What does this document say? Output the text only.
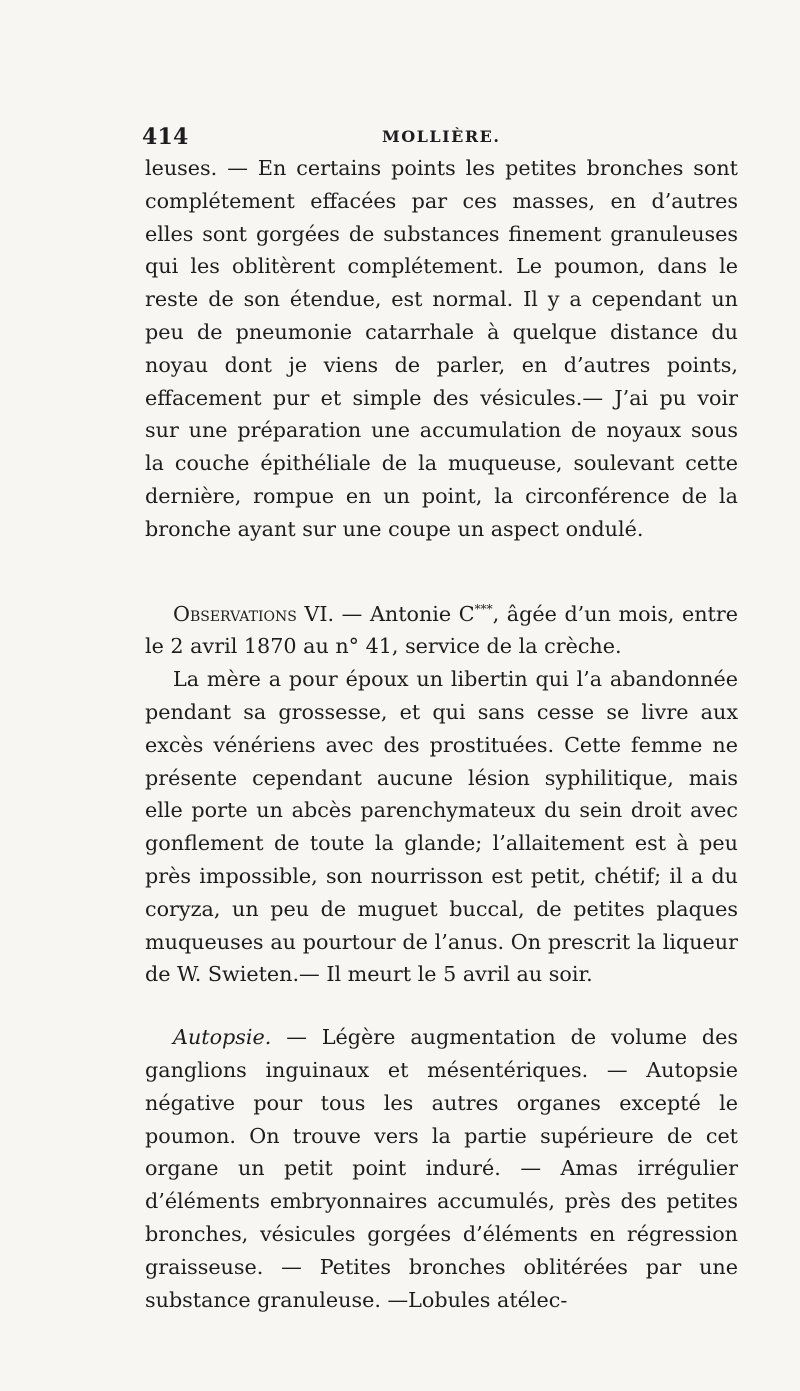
414	MOLLIÈRE.

leuses. — En certains points les petites bronches sont complétement effacées par ces masses, en d’autres elles sont gorgées de substances finement granuleuses qui les oblitèrent complétement. Le poumon, dans le reste de son étendue, est normal. Il y a cependant un peu de pneumonie catarrhale à quelque distance du noyau dont je viens de parler, en d’autres points, effacement pur et simple des vésicules.— J’ai pu voir sur une préparation une accumulation de noyaux sous la couche épithéliale de la muqueuse, soulevant cette dernière, rompue en un point, la circonférence de la bronche ayant sur une coupe un aspect ondulé.

Observations VI. — Antonie C***, âgée d’un mois, entre le 2 avril 1870 au n° 41, service de la crèche.

La mère a pour époux un libertin qui l’a abandonnée pendant sa grossesse, et qui sans cesse se livre aux excès vénériens avec des prostituées. Cette femme ne présente cependant aucune lésion syphilitique, mais elle porte un abcès parenchymateux du sein droit avec gonflement de toute la glande; l’allaitement est à peu près impossible, son nourrisson est petit, chétif; il a du coryza, un peu de muguet buccal, de petites plaques muqueuses au pourtour de l’anus. On prescrit la liqueur de W. Swieten.— Il meurt le 5 avril au soir.

Autopsie. — Légère augmentation de volume des ganglions inguinaux et mésentériques. — Autopsie négative pour tous les autres organes excepté le poumon. On trouve vers la partie supérieure de cet organe un petit point induré. — Amas irrégulier d’éléments embryonnaires accumulés, près des petites bronches, vésicules gorgées d’éléments en régression graisseuse. — Petites bronches oblitérées par une substance granuleuse. —Lobules atélec-
